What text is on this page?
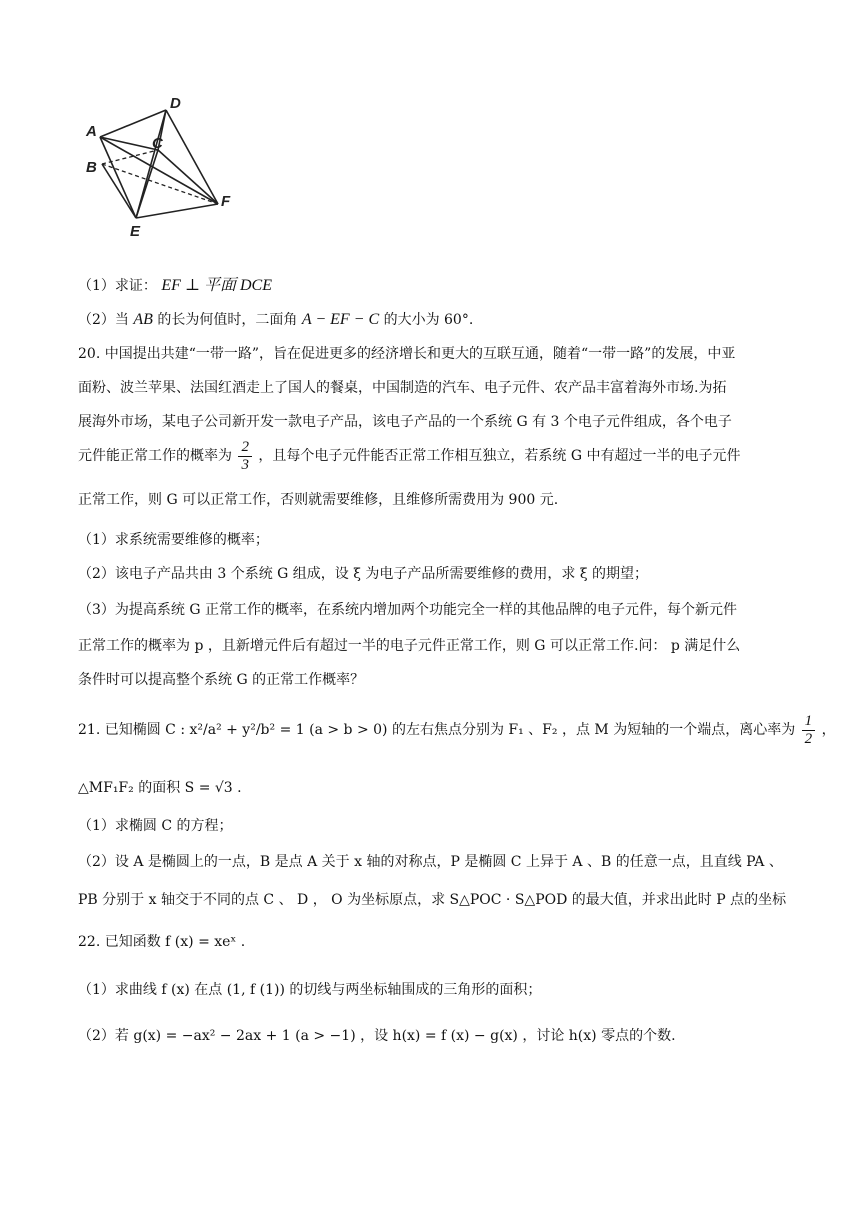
A
B
C
D
E
F
（1）求证： EF ⊥ 平面 DCE
（2）当 AB 的长为何值时，二面角 A − EF − C 的大小为 60°.
20. 中国提出共建“一带一路”，旨在促进更多的经济增长和更大的互联互通，随着“一带一路”的发展，中亚
面粉、波兰苹果、法国红酒走上了国人的餐桌，中国制造的汽车、电子元件、农产品丰富着海外市场.为拓
展海外市场，某电子公司新开发一款电子产品，该电子产品的一个系统 G 有 3 个电子元件组成，各个电子
元件能正常工作的概率为 $\frac{2}{3}$ ，且每个电子元件能否正常工作相互独立，若系统 G 中有超过一半的电子元件
正常工作，则 G 可以正常工作，否则就需要维修，且维修所需费用为 900 元.
（1）求系统需要维修的概率；
（2）该电子产品共由 3 个系统 G 组成，设 ξ 为电子产品所需要维修的费用，求 ξ 的期望；
（3）为提高系统 G 正常工作的概率，在系统内增加两个功能完全一样的其他品牌的电子元件，每个新元件
正常工作的概率为 p ，且新增元件后有超过一半的电子元件正常工作，则 G 可以正常工作.问： p 满足什么
条件时可以提高整个系统 G 的正常工作概率？
21. 已知椭圆 C : x²/a² + y²/b² = 1 (a > b > 0) 的左右焦点分别为 F₁ 、F₂ ，点 M 为短轴的一个端点，离心率为 $\frac{1}{2}$ ，
△MF₁F₂ 的面积 S = √3 .
（1）求椭圆 C 的方程；
（2）设 A 是椭圆上的一点，B 是点 A 关于 x 轴的对称点，P 是椭圆 C 上异于 A 、B 的任意一点，且直线 PA 、
PB 分别于 x 轴交于不同的点 C 、 D ， O 为坐标原点，求 S△POC · S△POD 的最大值，并求出此时 P 点的坐标
22. 已知函数 f (x) = xeˣ .
（1）求曲线 f (x) 在点 (1, f (1)) 的切线与两坐标轴围成的三角形的面积；
（2）若 g(x) = −ax² − 2ax + 1 (a > −1) ，设 h(x) = f (x) − g(x) ，讨论 h(x) 零点的个数.
